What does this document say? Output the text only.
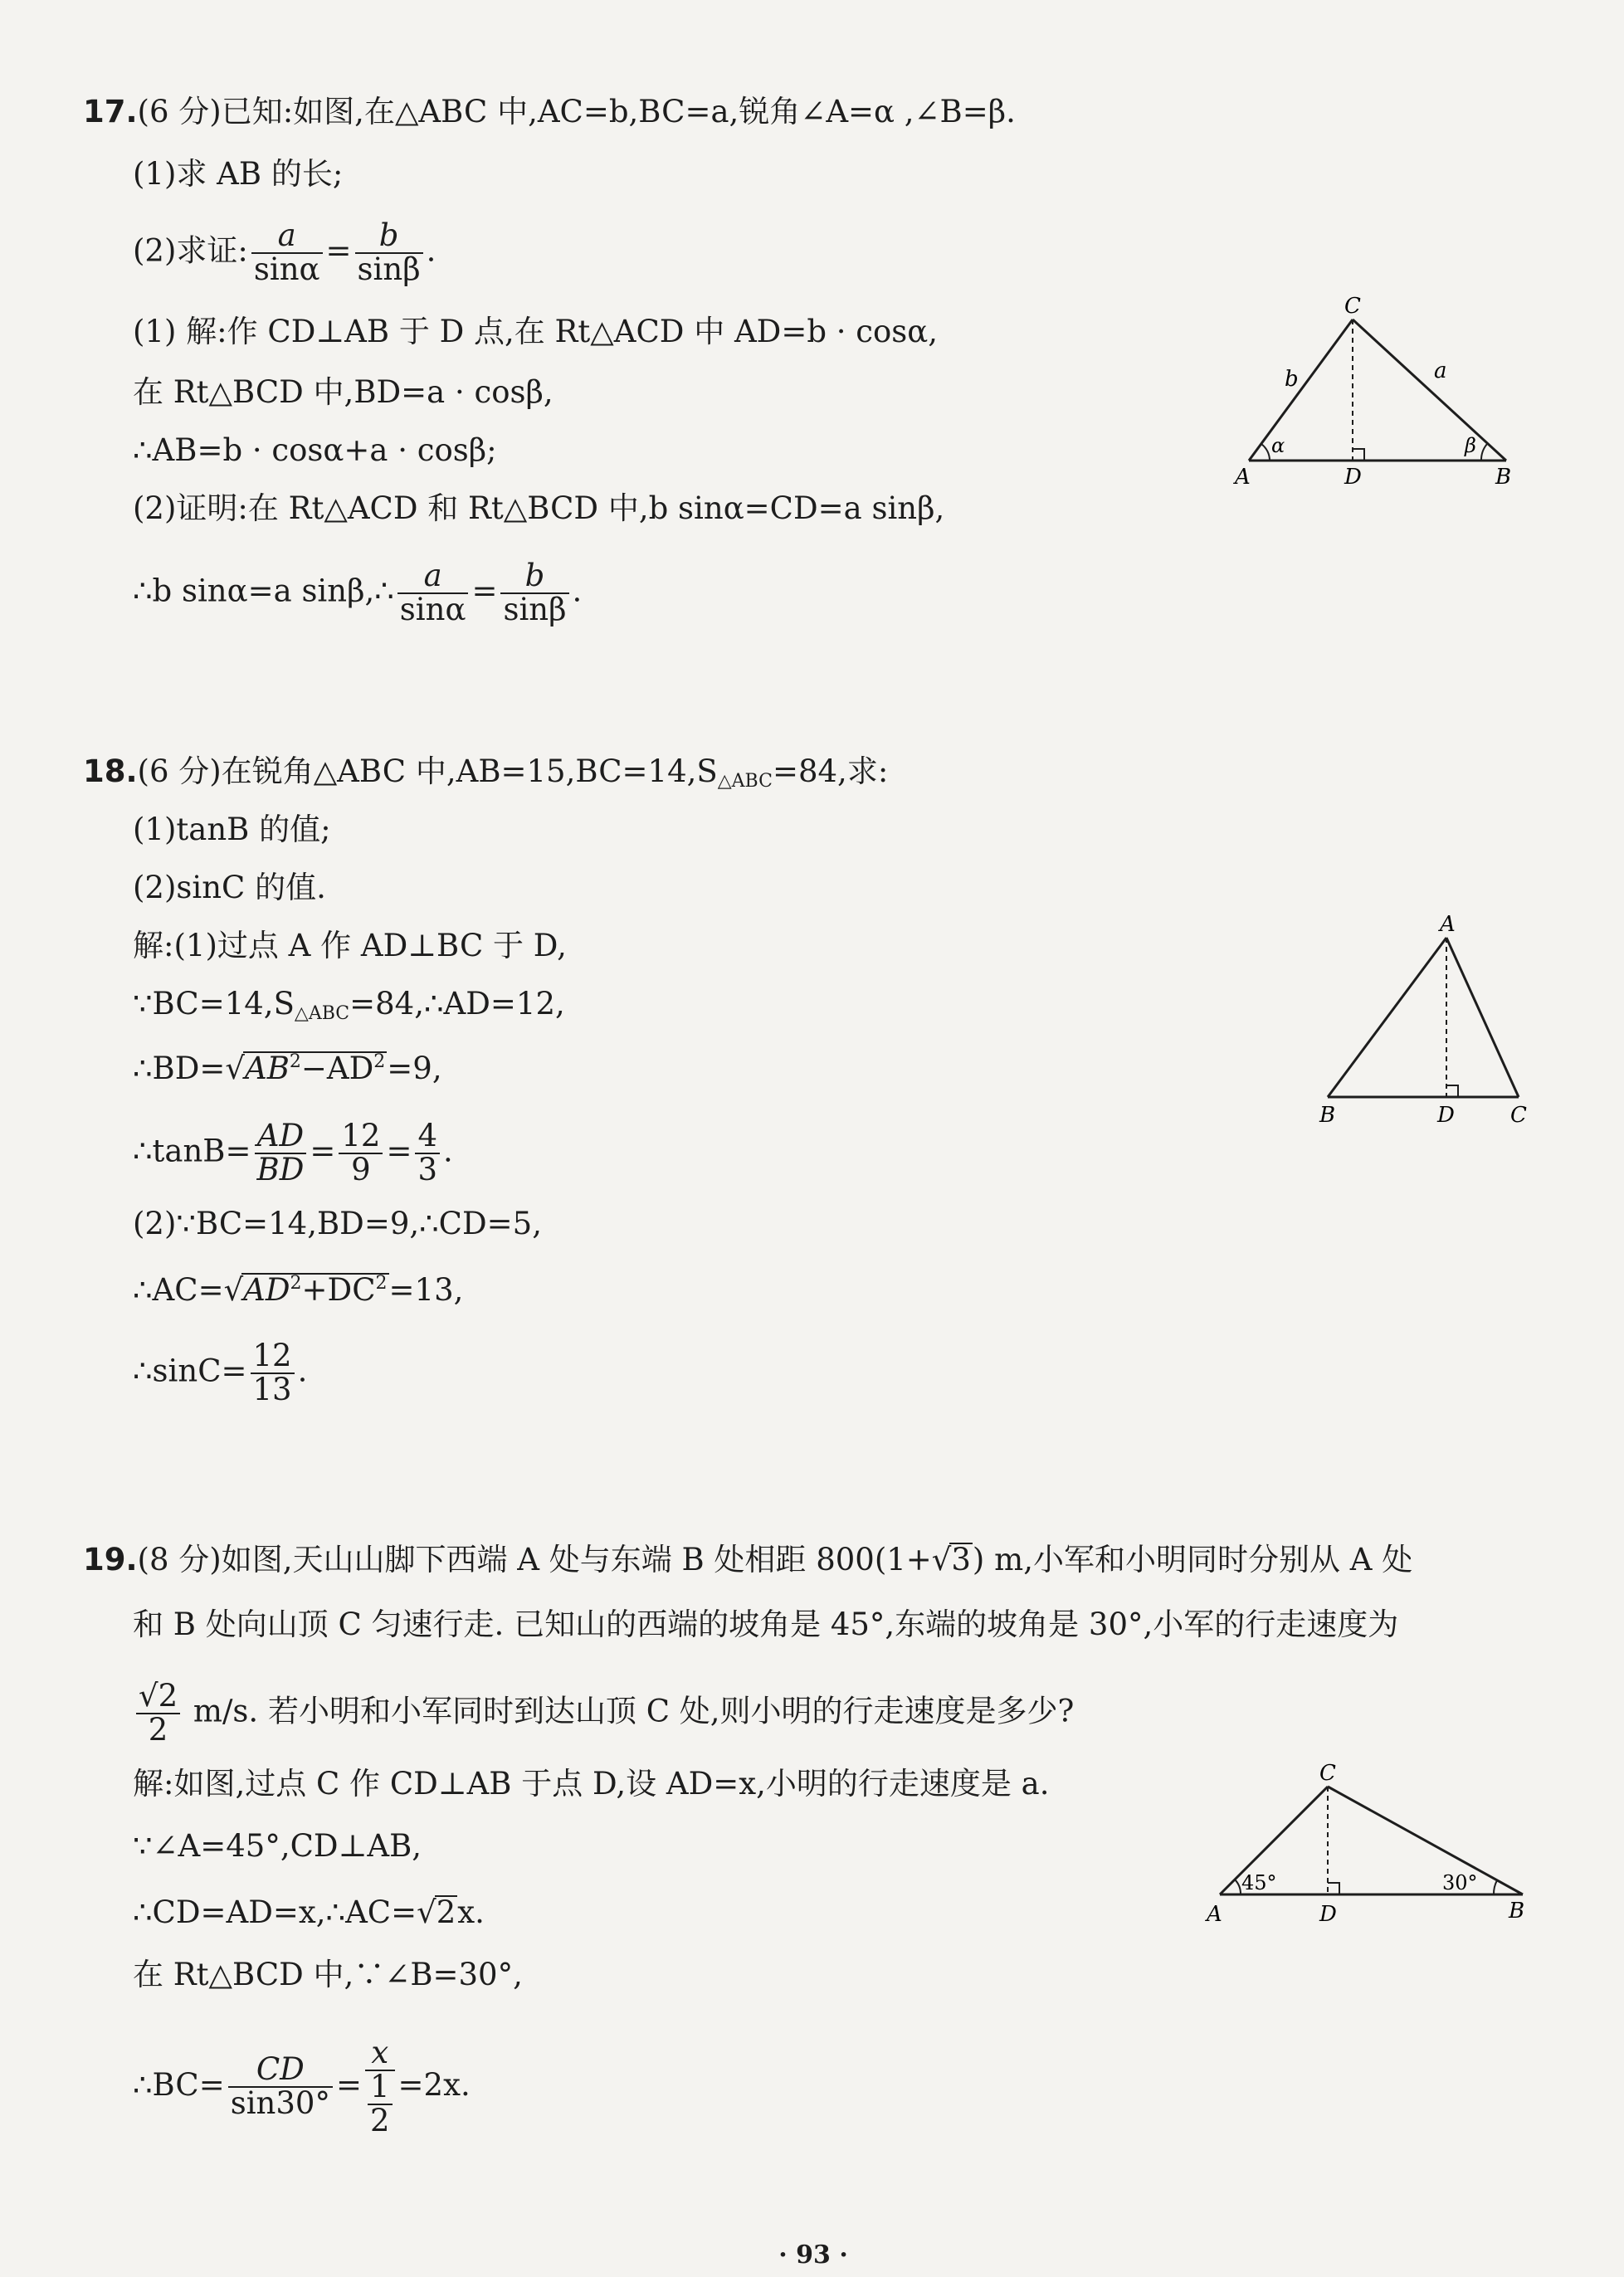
17.(6 分)已知:如图,在△ABC 中,AC=b,BC=a,锐角∠A=α ,∠B=β.
(1)求 AB 的长;
(2)求证: $\frac{a}{\sin\alpha} = \frac{b}{\sin\beta}$ .
(1) 解:作 CD⊥AB 于 D 点,在 Rt△ACD 中 AD=b · cosα,
在 Rt△BCD 中,BD=a · cosβ,
∴AB=b · cosα+a · cosβ;
(2)证明:在 Rt△ACD 和 Rt△BCD 中,b sinα=CD=a sinβ,
∴b sinα=a sinβ,∴ $\frac{a}{\sin\alpha} = \frac{b}{\sin\beta}$ .
C
A	B
D
b	a
α	β
18.(6 分)在锐角△ABC 中$,AB=15,BC=14,S_{\triangle ABC}=84$,求:
(1)tanB 的值;
(2)sinC 的值.
解:(1)过点 A 作 AD⊥BC 于 D,
$\because BC=14,S_{\triangle ABC}=84,\therefore AD=12$,
$\therefore BD=√AB^2-AD^2=9$,
∴tanB= $\frac{AD}{BD} = \frac{12}{9} = \frac{4}{3}$ .
(2)∵BC=14,BD=9,∴CD=5,
$\therefore AC=√AD^2+DC^2=13$,
∴sinC= $\frac{12}{13}$ .
A
B	D	C
19.(8 分)如图,天山山脚下西端 A 处与东端 B 处相距 800(1+√3) m,小军和小明同时分别从 A 处
和 B 处向山顶 C 匀速行走. 已知山的西端的坡角是 45°,东端的坡角是 30°,小军的行走速度为
$\frac{√2}{2} m/s$. 若小明和小军同时到达山顶 C 处,则小明的行走速度是多少?
解:如图,过点 C 作 CD⊥AB 于点 D,设 AD=x,小明的行走速度是 a.
∵∠A=45°,CD⊥AB,
∴CD=AD=x,∴AC=√2x.
在 Rt△BCD 中,∵∠B=30°,
∴BC= $\frac{CD}{\sin 30^\circ} = \frac{x}{\frac{1}{2}} =2x$.
C
A	D	B
45°	30°
· 93 ·
